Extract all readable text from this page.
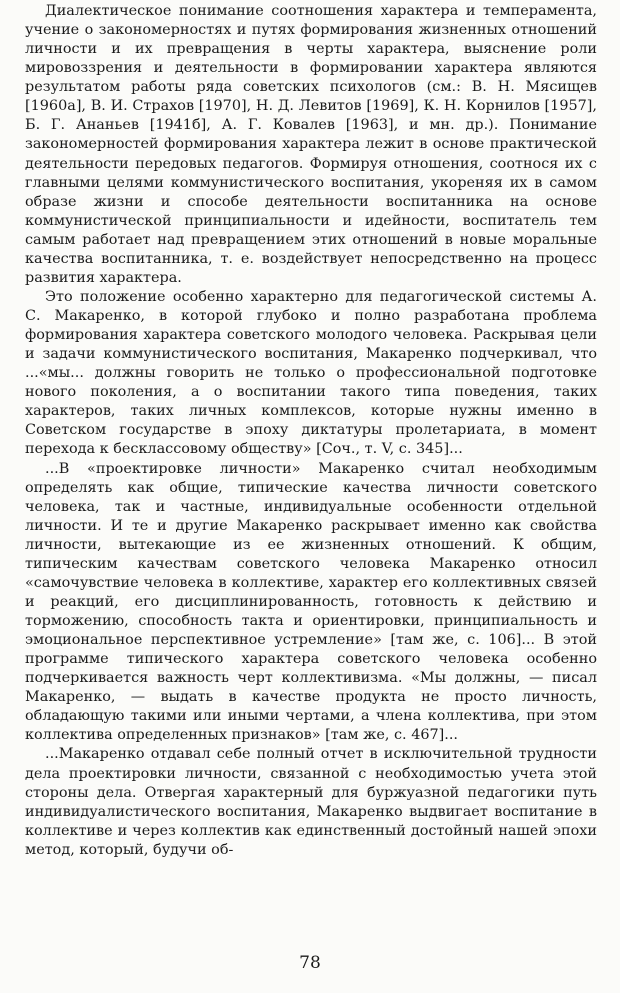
Диалектическое понимание соотношения характера и темперамента, учение о закономерностях и путях формирования жизненных отношений личности и их превращения в черты характера, выяснение роли мировоззрения и деятельности в формировании характера являются результатом работы ряда советских психологов (см.: В. Н. Мясищев [1960а], В. И. Страхов [1970], Н. Д. Левитов [1969], К. Н. Корнилов [1957], Б. Г. Ананьев [1941б], А. Г. Ковалев [1963], и мн. др.). Понимание закономерностей формирования характера лежит в основе практической деятельности передовых педагогов. Формируя отношения, соотнося их с главными целями коммунистического воспитания, укореняя их в самом образе жизни и способе деятельности воспитанника на основе коммунистической принципиальности и идейности, воспитатель тем самым работает над превращением этих отношений в новые моральные качества воспитанника, т. е. воздействует непосредственно на процесс развития характера.

Это положение особенно характерно для педагогической системы А. С. Макаренко, в которой глубоко и полно разработана проблема формирования характера советского молодого человека. Раскрывая цели и задачи коммунистического воспитания, Макаренко подчеркивал, что ...«мы... должны говорить не только о профессиональной подготовке нового поколения, а о воспитании такого типа поведения, таких характеров, таких личных комплексов, которые нужны именно в Советском государстве в эпоху диктатуры пролетариата, в момент перехода к бесклассовому обществу» [Соч., т. V, с. 345]...

...В «проектировке личности» Макаренко считал необходимым определять как общие, типические качества личности советского человека, так и частные, индивидуальные особенности отдельной личности. И те и другие Макаренко раскрывает именно как свойства личности, вытекающие из ее жизненных отношений. К общим, типическим качествам советского человека Макаренко относил «самочувствие человека в коллективе, характер его коллективных связей и реакций, его дисциплинированность, готовность к действию и торможению, способность такта и ориентировки, принципиальность и эмоциональное перспективное устремление» [там же, с. 106]... В этой программе типического характера советского человека особенно подчеркивается важность черт коллективизма. «Мы должны, — писал Макаренко, — выдать в качестве продукта не просто личность, обладающую такими или иными чертами, а члена коллектива, при этом коллектива определенных признаков» [там же, с. 467]...

...Макаренко отдавал себе полный отчет в исключительной трудности дела проектировки личности, связанной с необходимостью учета этой стороны дела. Отвергая характерный для буржуазной педагогики путь индивидуалистического воспитания, Макаренко выдвигает воспитание в коллективе и через коллектив как единственный достойный нашей эпохи метод, который, будучи об-

78
